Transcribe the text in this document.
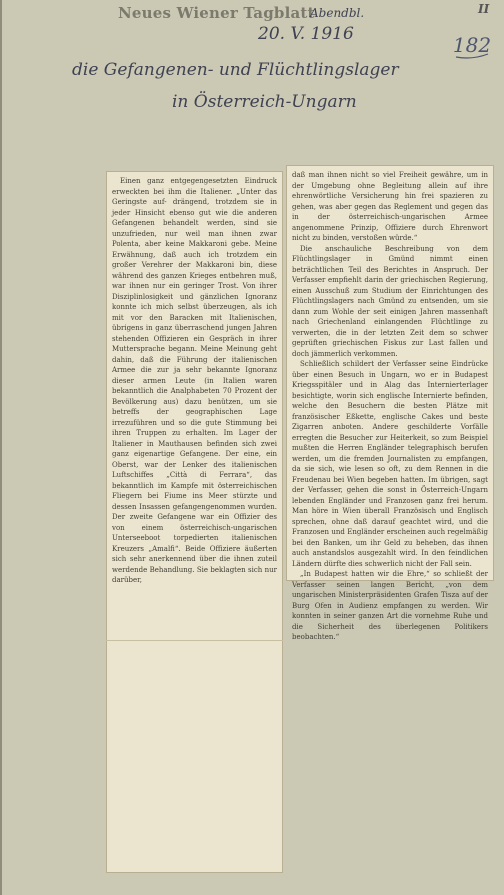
Neues Wiener Tagblatt
Abendbl.	II
20. V. 1916	182
die Gefangenen- und Flüchtlingslager
in Österreich-Ungarn

Einen ganz entgegengesetzten Eindruck erweckten bei ihm die Italiener. „Unter das Geringste auf- drängend, trotzdem sie in jeder Hinsicht ebenso gut wie die anderen Gefangenen behandelt werden, sind sie unzufrieden, nur weil man ihnen zwar Polenta, aber keine Makkaroni gebe. Meine Erwähnung, daß auch ich trotzdem ein großer Verehrer der Makkaroni bin, diese während des ganzen Krieges entbehren muß, war ihnen nur ein geringer Trost. Von ihrer Disziplinlosigkeit und gänzlichen Ignoranz konnte ich mich selbst überzeugen, als ich mit vor den Baracken mit Italienischen, übrigens in ganz überraschend jungen Jahren stehenden Offizieren ein Gespräch in ihrer Muttersprache begann. Meine Meinung geht dahin, daß die Führung der italienischen Armee die zur ja sehr bekannte Ignoranz dieser armen Leute (in Italien waren bekanntlich die Analphabeten 70 Prozent der Bevölkerung aus) dazu benützen, um sie betreffs der geographischen Lage irrezuführen und so die gute Stimmung bei ihren Truppen zu erhalten. Im Lager der Italiener in Mauthausen befinden sich zwei ganz eigenartige Gefangene. Der eine, ein Oberst, war der Lenker des italienischen Luftschiffes „Città di Ferrara“, das bekanntlich im Kampfe mit österreichischen Fliegern bei Fiume ins Meer stürzte und dessen Insassen gefangengenommen wurden. Der zweite Gefangene war ein Offizier des von einem österreichisch-ungarischen Unterseeboot torpedierten italienischen Kreuzers „Amalfi“. Beide Offiziere äußerten sich sehr anerkennend über die ihnen zuteil werdende Behandlung. Sie beklagten sich nur darüber,

daß man ihnen nicht so viel Freiheit gewähre, um in der Umgebung ohne Begleitung allein auf ihre ehrenwörtliche Versicherung hin frei spazieren zu gehen, was aber gegen das Reglement und gegen das in der österreichisch-ungarischen Armee angenommene Prinzip, Offiziere durch Ehrenwort nicht zu binden, verstoßen würde.“

Die anschauliche Beschreibung von dem Flüchtlingslager in Gmünd nimmt einen beträchtlichen Teil des Berichtes in Anspruch. Der Verfasser empfiehlt darin der griechischen Regierung, einen Ausschuß zum Studium der Einrichtungen des Flüchtlingslagers nach Gmünd zu entsenden, um sie dann zum Wohle der seit einigen Jahren massenhaft nach Griechenland einlangenden Flüchtlinge zu verwerten, die in der letzten Zeit dem so schwer geprüften griechischen Fiskus zur Last fallen und doch jämmerlich verkommen.

Schließlich schildert der Verfasser seine Eindrücke über einen Besuch in Ungarn, wo er in Budapest Kriegsspitäler und in Alag das Internierterlager besichtigte, worin sich englische Internierte befinden, welche den Besuchern die besten Plätze mit französischer Eßkette, englische Cakes und beste Zigarren anboten. Andere geschilderte Vorfälle erregten die Besucher zur Heiterkeit, so zum Beispiel mußten die Herren Engländer telegraphisch berufen werden, um die fremden Journalisten zu empfangen, da sie sich, wie lesen so oft, zu dem Rennen in die Freudenau bei Wien begeben hatten. Im übrigen, sagt der Verfasser, gehen die sonst in Österreich-Ungarn lebenden Engländer und Franzosen ganz frei herum. Man höre in Wien überall Französisch und Englisch sprechen, ohne daß darauf geachtet wird, und die Franzosen und Engländer erscheinen auch regelmäßig bei den Banken, um ihr Geld zu beheben, das ihnen auch anstandslos ausgezahlt wird. In den feindlichen Ländern dürfte dies schwerlich nicht der Fall sein.

„In Budapest hatten wir die Ehre,“ so schließt der Verfasser seinen langen Bericht, „von dem ungarischen Ministerpräsidenten Grafen Tisza auf der Burg Ofen in Audienz empfangen zu werden. Wir konnten in seiner ganzen Art die vornehme Ruhe und die Sicherheit des überlegenen Politikers beobachten.“
